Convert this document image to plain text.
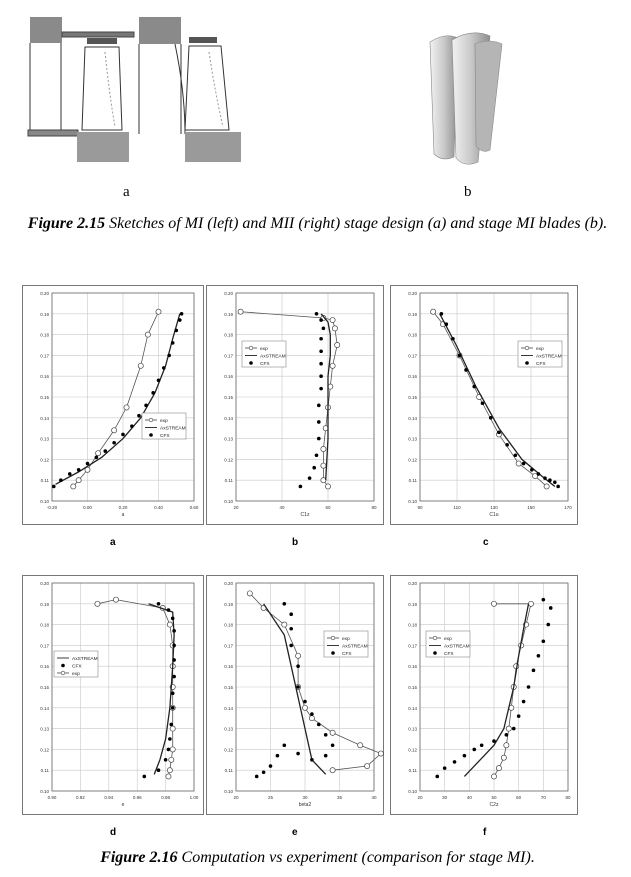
a	b
Figure 2.15 Sketches of MI (left) and MII (right) stage design (a) and stage MI blades (b).
0.10
0.11
0.12
0.13
0.14
0.15
0.16
0.17
0.18
0.19
0.20
-0.20	0.00	0.20	0.40	0.60
a
exp
AxSTREAM
CFX
0.10
0.11
0.12
0.13
0.14
0.15
0.16
0.17
0.18
0.19
0.20
20	40	60	80
C1z
exp
AxSTREAM
CFX
0.10
0.11
0.12
0.13
0.14
0.15
0.16
0.17
0.18
0.19
0.20
90	110	130	150	170
C1u
exp
AxSTREAM
CFX
0.10
0.11
0.12
0.13
0.14
0.15
0.16
0.17
0.18
0.19
0.20
0.90	0.92	0.94	0.96	0.98	1.00
e
AxSTREAM
CFX
exp
0.10
0.11
0.12
0.13
0.14
0.15
0.16
0.17
0.18
0.19
0.20
20	25	30	35	40
beta2
exp
AxSTREAM
CFX
0.10
0.11
0.12
0.13
0.14
0.15
0.16
0.17
0.18
0.19
0.20
20	30	40	50	60	70	80
C2z
exp
AxSTREAM
CFX
a	b	c
d	e	f
Figure 2.16 Computation vs experiment (comparison for stage MI).
